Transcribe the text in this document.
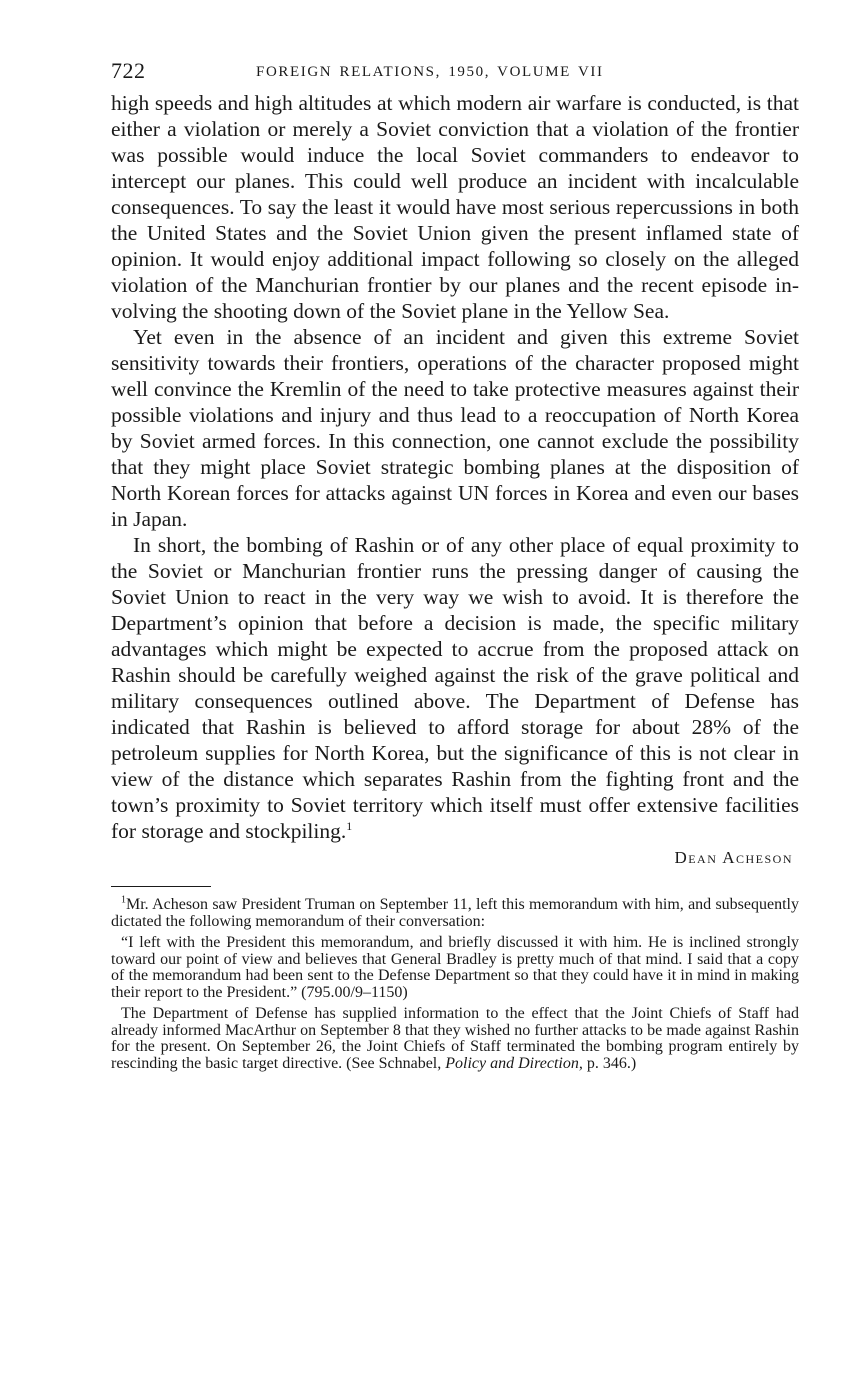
722	FOREIGN RELATIONS, 1950, VOLUME VII

high speeds and high altitudes at which modern air warfare is conducted, is that either a violation or merely a Soviet conviction that a violation of the frontier was possible would induce the local Soviet commanders to endeavor to intercept our planes. This could well produce an incident with incalculable consequences. To say the least it would have most serious repercussions in both the United States and the Soviet Union given the present inflamed state of opinion. It would enjoy additional impact following so closely on the alleged violation of the Manchurian frontier by our planes and the recent episode involving the shooting down of the Soviet plane in the Yellow Sea.

Yet even in the absence of an incident and given this extreme Soviet sensitivity towards their frontiers, operations of the character proposed might well convince the Kremlin of the need to take protective measures against their possible violations and injury and thus lead to a reoccupation of North Korea by Soviet armed forces. In this connection, one cannot exclude the possibility that they might place Soviet strategic bombing planes at the disposition of North Korean forces for attacks against UN forces in Korea and even our bases in Japan.

In short, the bombing of Rashin or of any other place of equal proximity to the Soviet or Manchurian frontier runs the pressing danger of causing the Soviet Union to react in the very way we wish to avoid. It is therefore the Department’s opinion that before a decision is made, the specific military advantages which might be expected to accrue from the proposed attack on Rashin should be carefully weighed against the risk of the grave political and military consequences outlined above. The Department of Defense has indicated that Rashin is believed to afford storage for about 28% of the petroleum supplies for North Korea, but the significance of this is not clear in view of the distance which separates Rashin from the fighting front and the town’s proximity to Soviet territory which itself must offer extensive facilities for storage and stockpiling.$^1$

Dean Acheson

$^1$Mr. Acheson saw President Truman on September 11, left this memorandum with him, and subsequently dictated the following memorandum of their conversation:

“I left with the President this memorandum, and briefly discussed it with him. He is inclined strongly toward our point of view and believes that General Bradley is pretty much of that mind. I said that a copy of the memorandum had been sent to the Defense Department so that they could have it in mind in making their report to the President.” (795.00/9–1150)

The Department of Defense has supplied information to the effect that the Joint Chiefs of Staff had already informed MacArthur on September 8 that they wished no further attacks to be made against Rashin for the present. On September 26, the Joint Chiefs of Staff terminated the bombing program entirely by rescinding the basic target directive. (See Schnabel, Policy and Direction, p. 346.)
